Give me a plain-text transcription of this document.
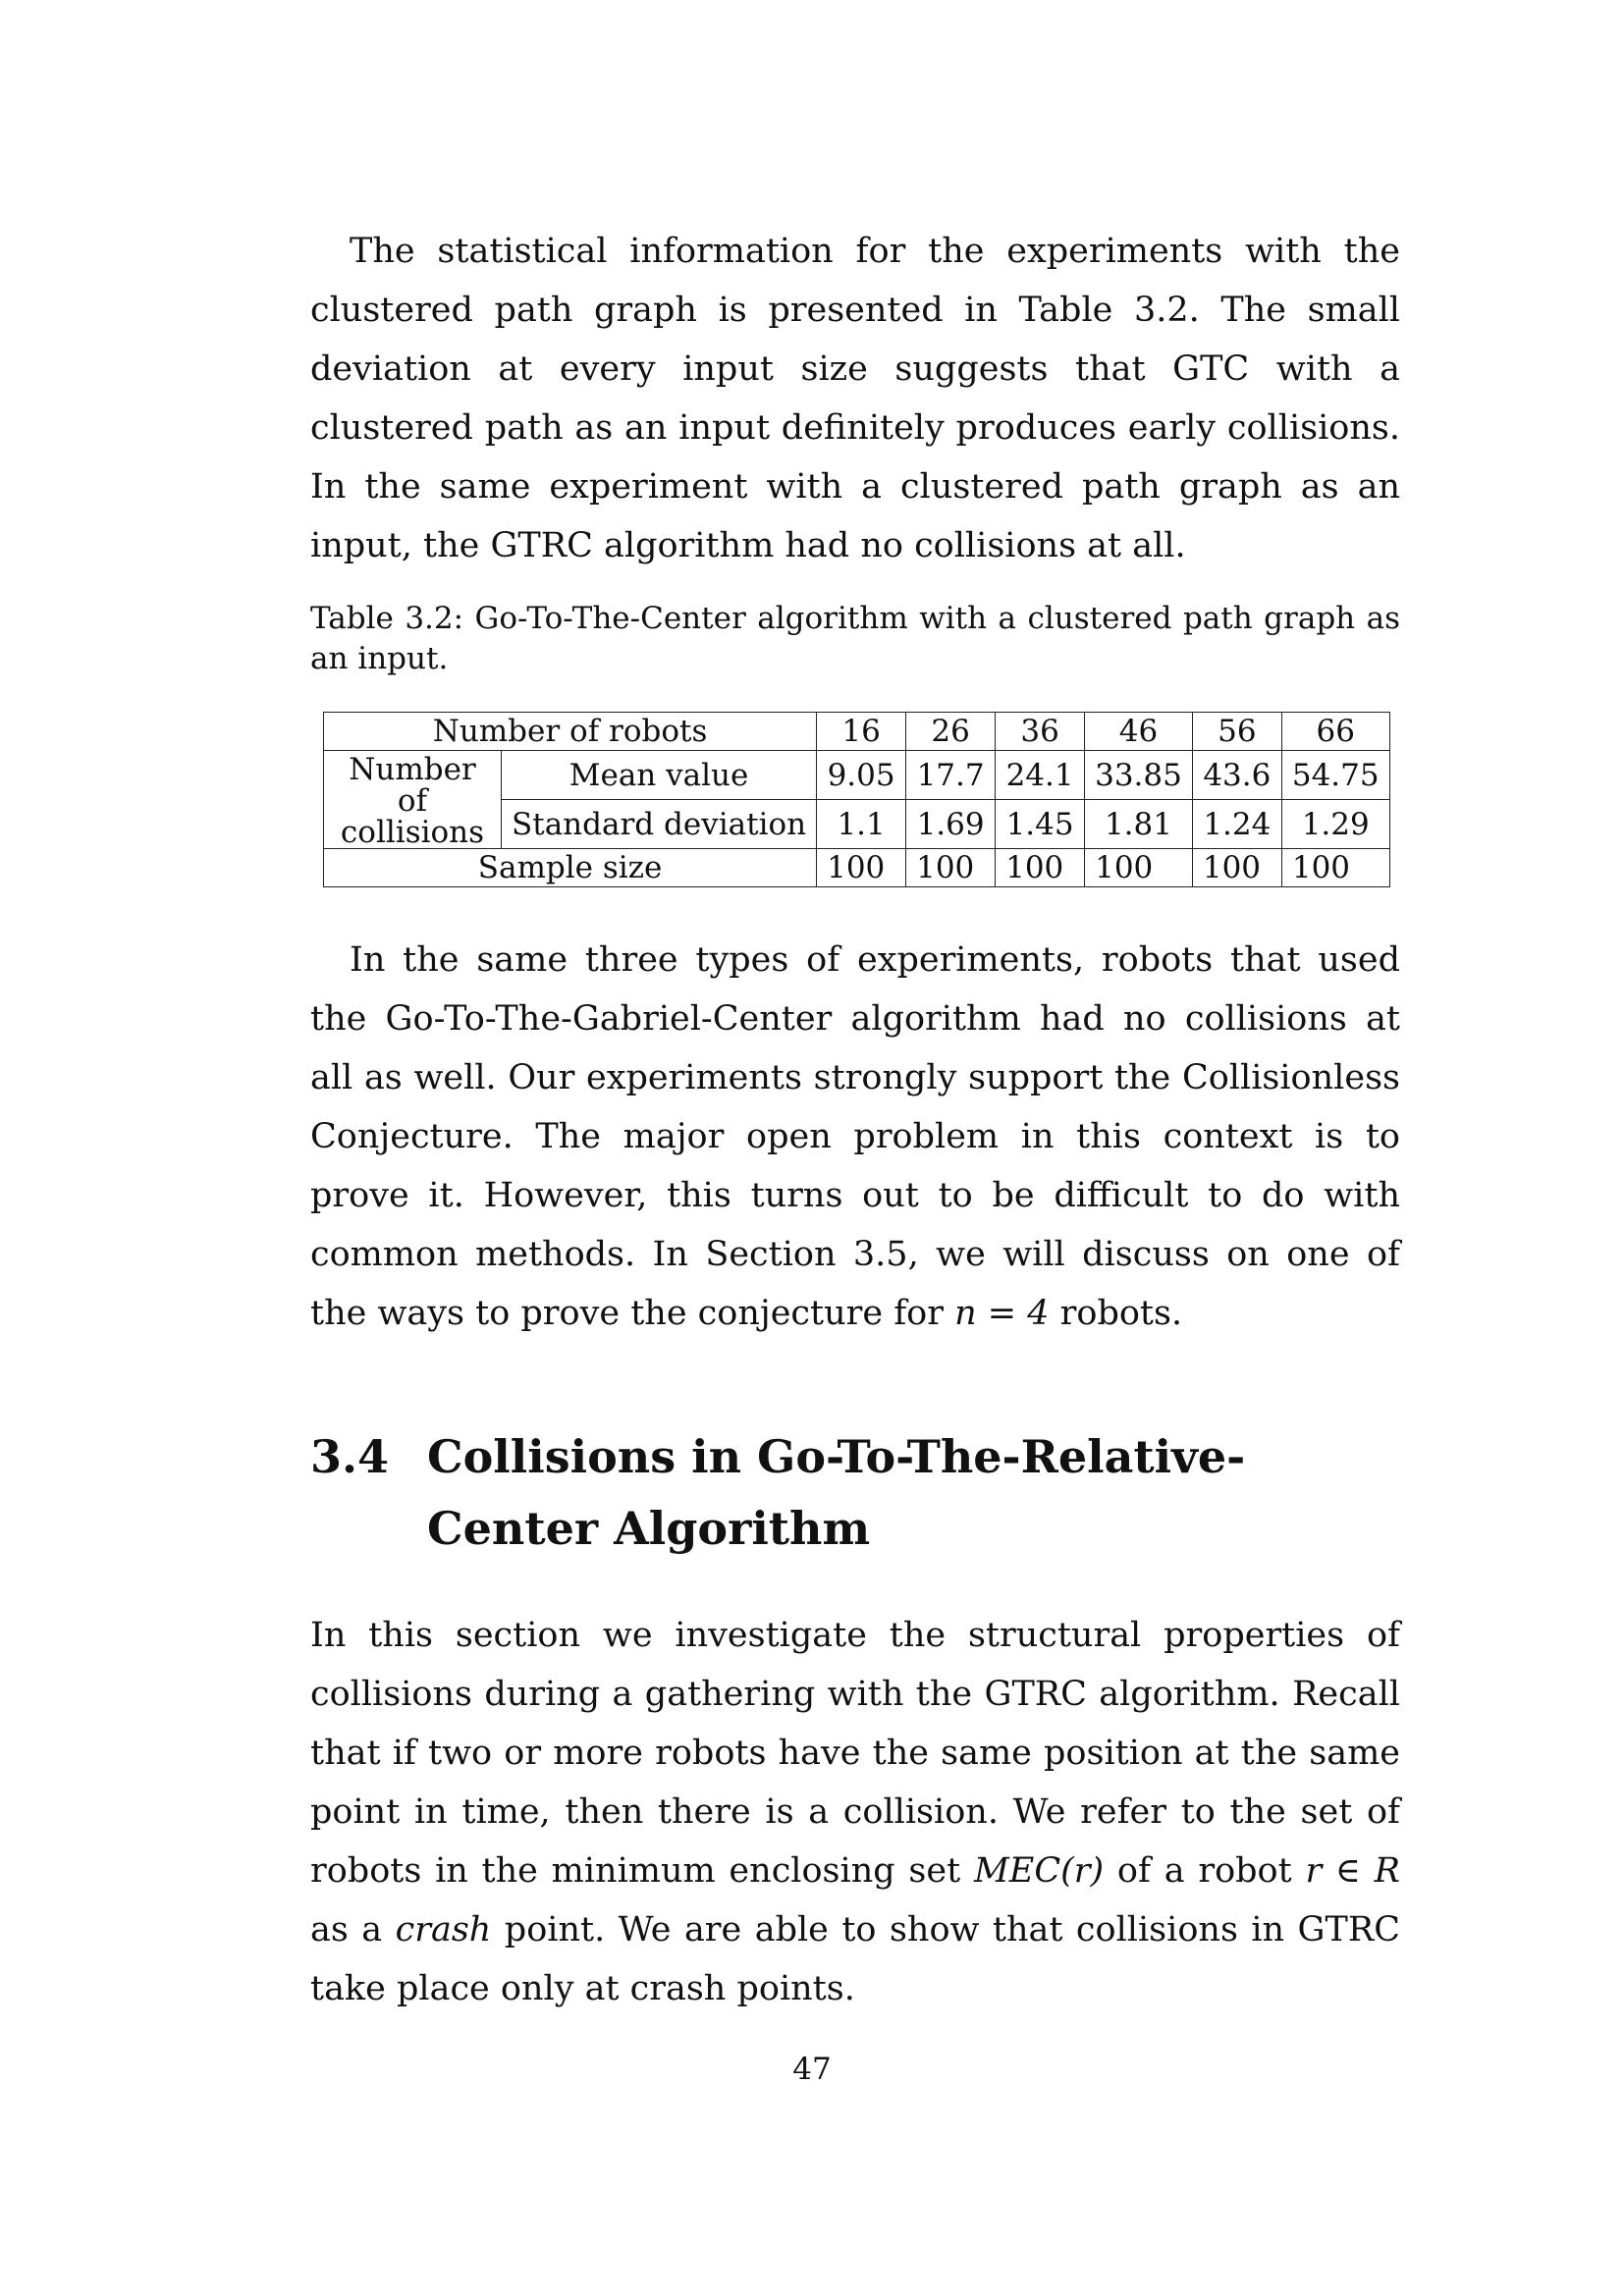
The statistical information for the experiments with the clustered path graph is presented in Table 3.2. The small deviation at every input size suggests that GTC with a clustered path as an input definitely produces early collisions. In the same experiment with a clustered path graph as an input, the GTRC algorithm had no collisions at all.

Table 3.2: Go-To-The-Center algorithm with a clustered path graph as an input.
Number of robots		16	26	36	46	56	66
Number of collisions	Mean value	9.05	17.7	24.1	33.85	43.6	54.75
	Standard deviation	1.1	1.69	1.45	1.81	1.24	1.29
Sample size		100	100	100	100	100	100

In the same three types of experiments, robots that used the Go-To-The-Gabriel-Center algorithm had no collisions at all as well. Our experiments strongly support the Collisionless Conjecture. The major open problem in this context is to prove it. However, this turns out to be difficult to do with common methods. In Section 3.5, we will discuss on one of the ways to prove the conjecture for n = 4 robots.

3.4 Collisions in Go-To-The-Relative-Center Algorithm

In this section we investigate the structural properties of collisions during a gathering with the GTRC algorithm. Recall that if two or more robots have the same position at the same point in time, then there is a collision. We refer to the set of robots in the minimum enclosing set MEC(r) of a robot r ∈ R as a crash point. We are able to show that collisions in GTRC take place only at crash points.

47
